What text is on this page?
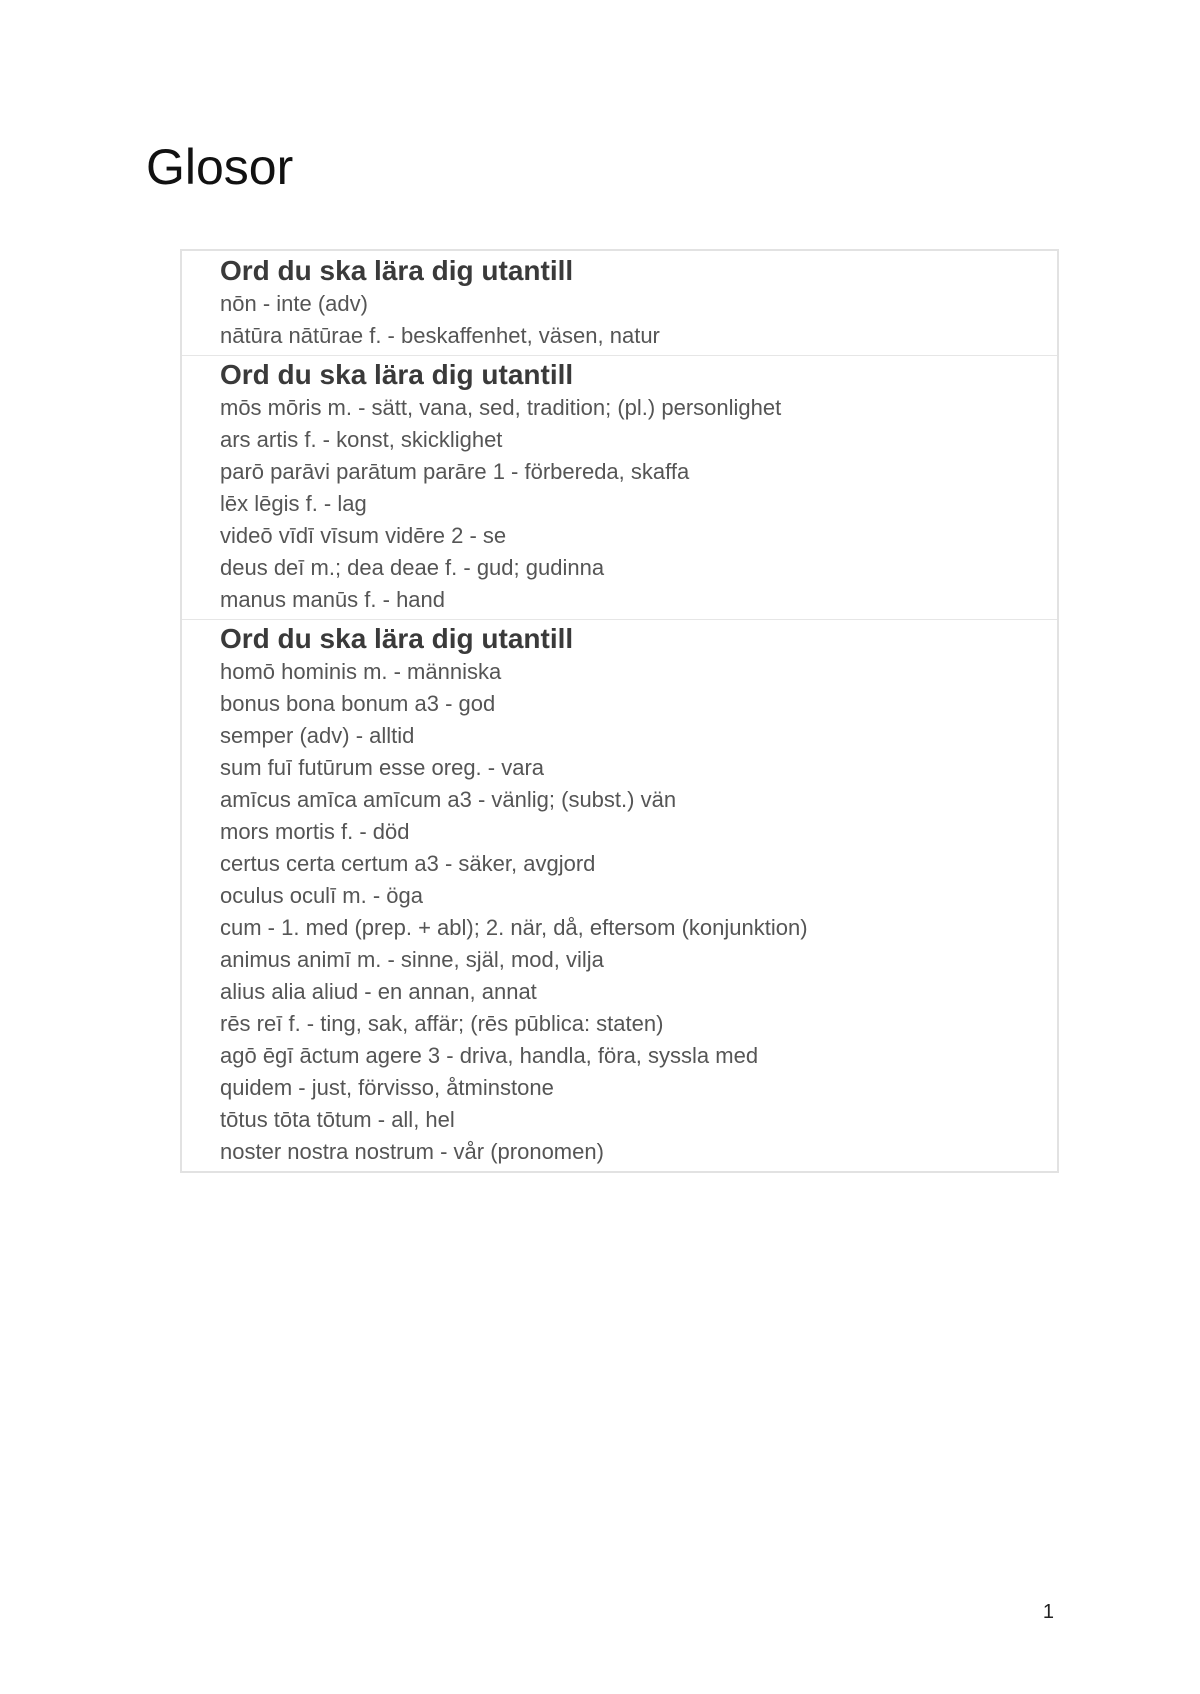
Glosor
Ord du ska lära dig utantill
nōn - inte (adv)
nātūra nātūrae f. - beskaffenhet, väsen, natur
Ord du ska lära dig utantill
mōs mōris m. - sätt, vana, sed, tradition; (pl.) personlighet
ars artis f. - konst, skicklighet
parō parāvi parātum parāre 1 - förbereda, skaffa
lēx lēgis f. - lag
videō vīdī vīsum vidēre 2 - se
deus deī m.; dea deae f. - gud; gudinna
manus manūs f. - hand
Ord du ska lära dig utantill
homō hominis m. - människa
bonus bona bonum a3 - god
semper (adv) - alltid
sum fuī futūrum esse oreg. - vara
amīcus amīca amīcum a3 - vänlig; (subst.) vän
mors mortis f. - död
certus certa certum a3 - säker, avgjord
oculus oculī m. - öga
cum - 1. med (prep. + abl); 2. när, då, eftersom (konjunktion)
animus animī m. - sinne, själ, mod, vilja
alius alia aliud - en annan, annat
rēs reī f. - ting, sak, affär; (rēs pūblica: staten)
agō ēgī āctum agere 3 - driva, handla, föra, syssla med
quidem - just, förvisso, åtminstone
tōtus tōta tōtum - all, hel
noster nostra nostrum - vår (pronomen)
1
